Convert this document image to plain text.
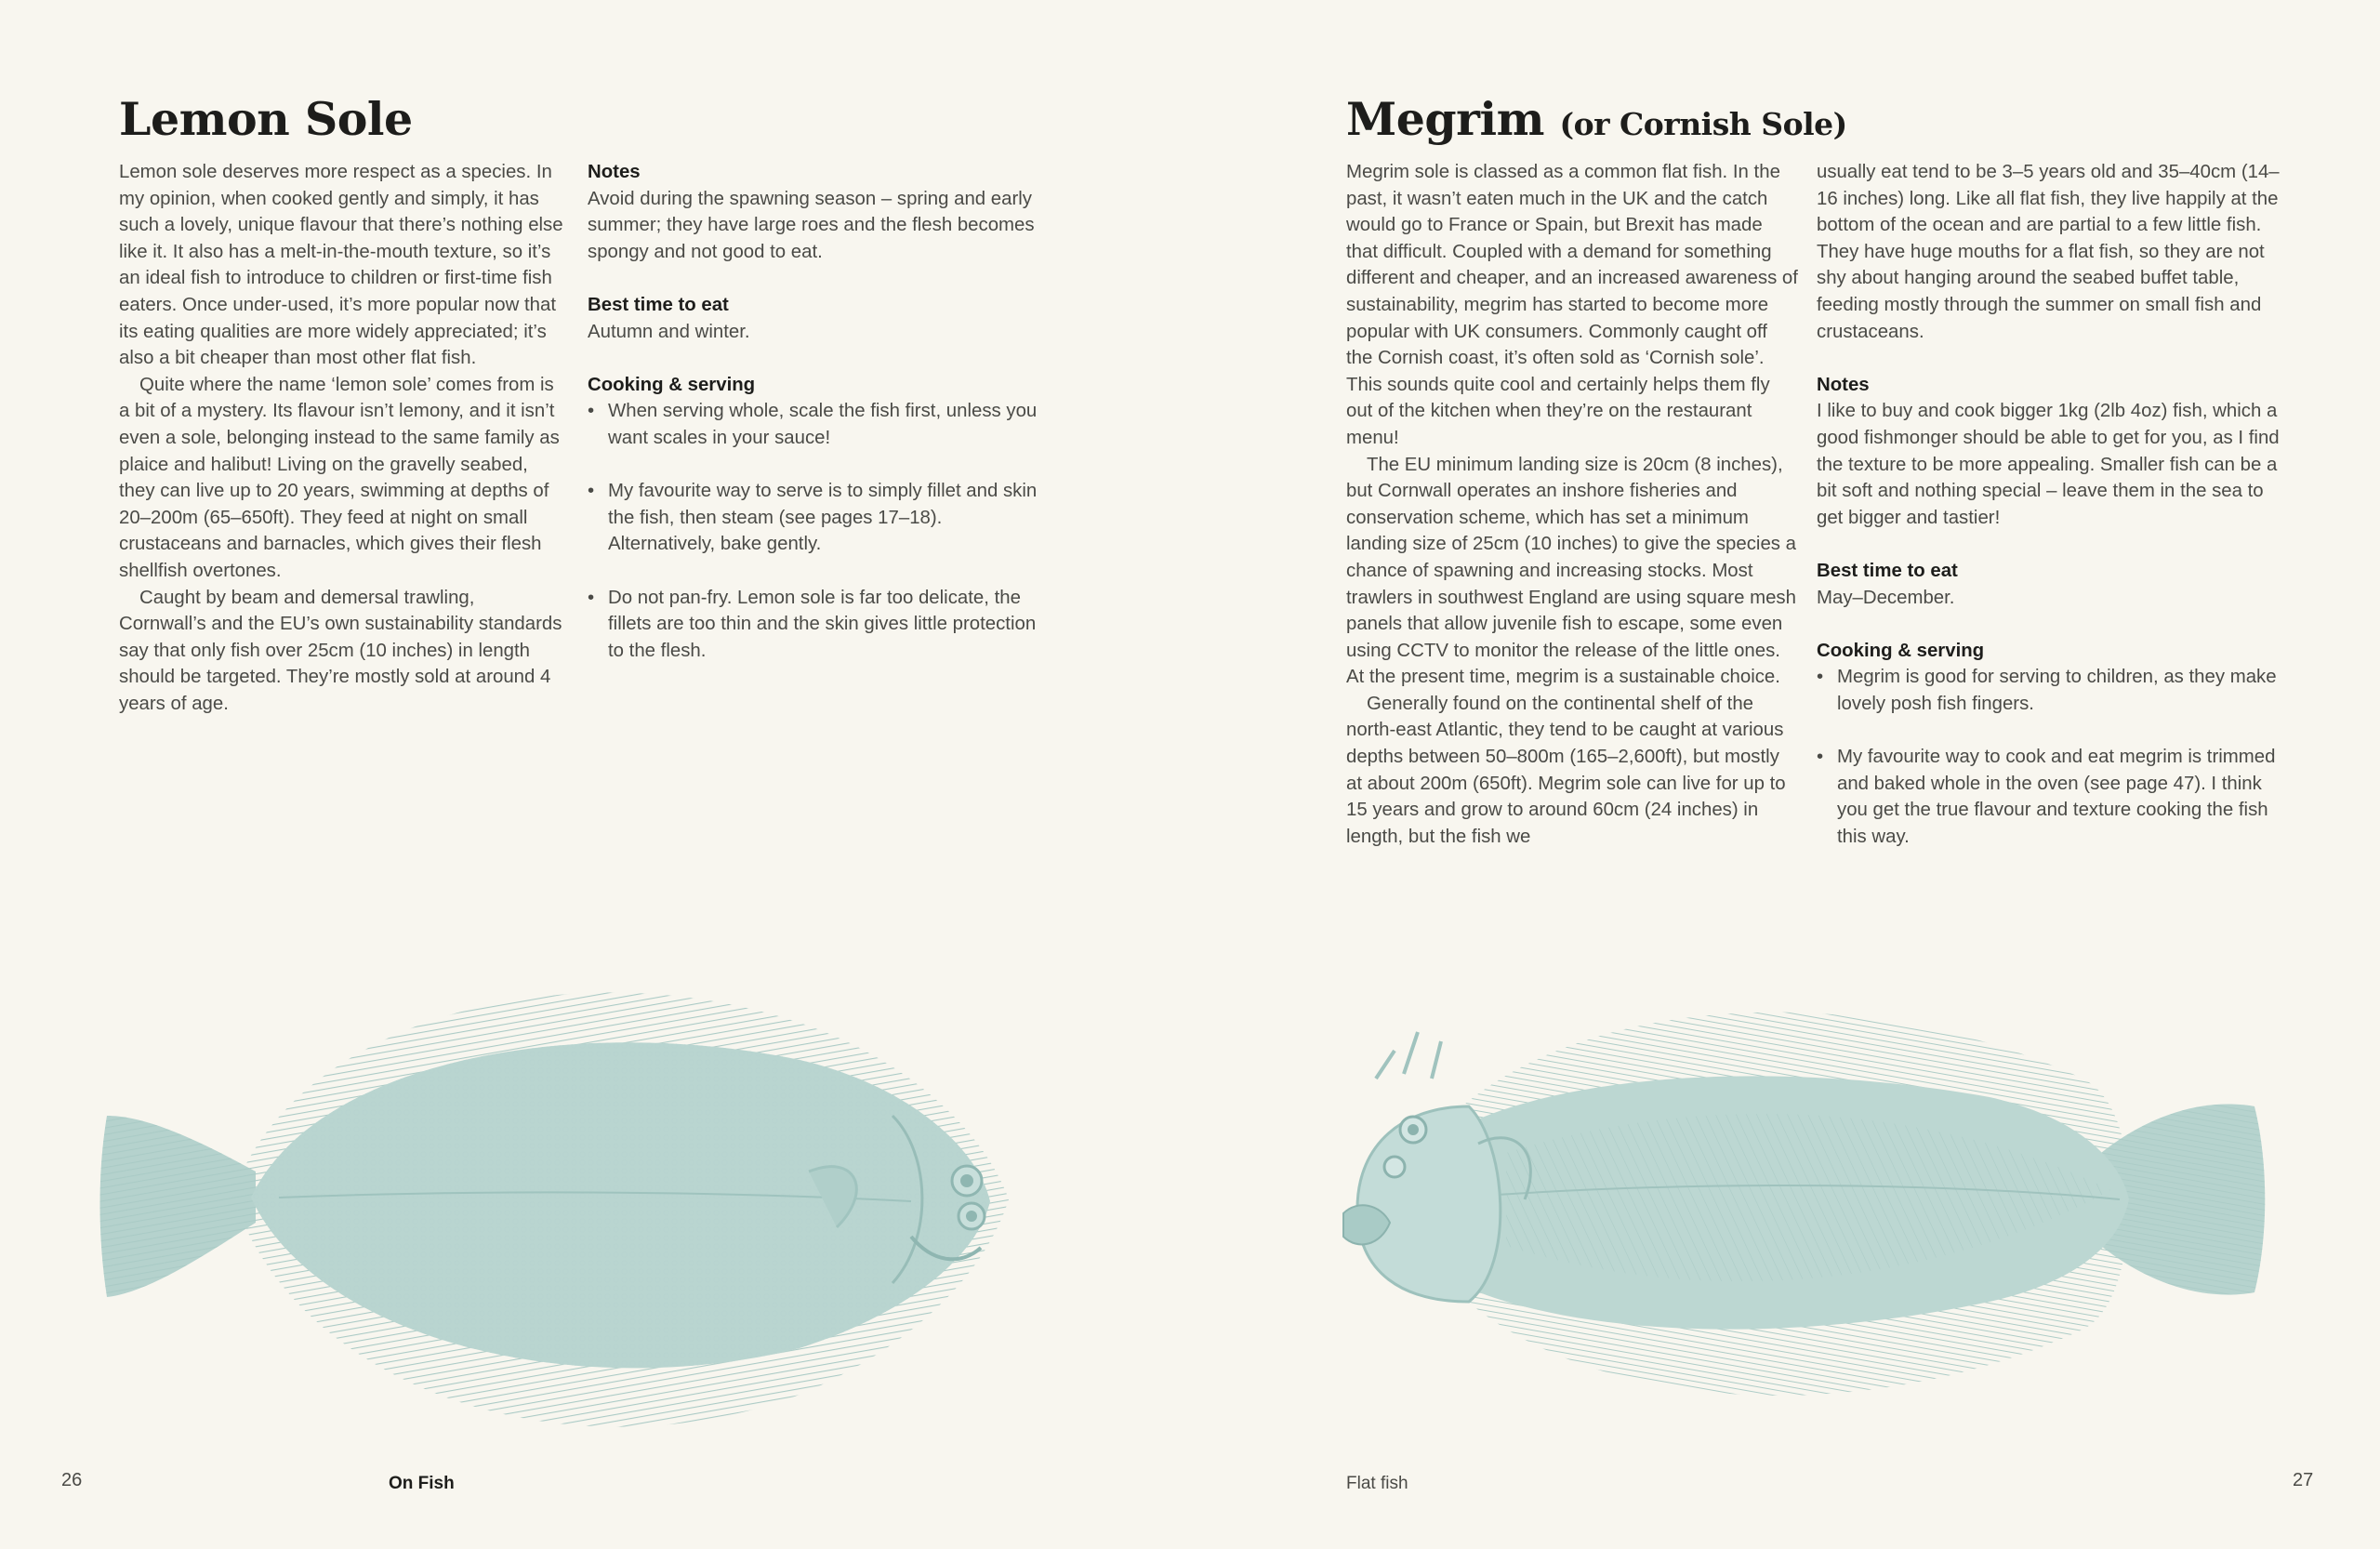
Lemon Sole

Lemon sole deserves more respect as a species. In my opinion, when cooked gently and simply, it has such a lovely, unique flavour that there’s nothing else like it. It also has a melt-in-the-mouth texture, so it’s an ideal fish to introduce to children or first-time fish eaters. Once under-used, it’s more popular now that its eating qualities are more widely appreciated; it’s also a bit cheaper than most other flat fish.

Quite where the name ‘lemon sole’ comes from is a bit of a mystery. Its flavour isn’t lemony, and it isn’t even a sole, belonging instead to the same family as plaice and halibut! Living on the gravelly seabed, they can live up to 20 years, swimming at depths of 20–200m (65–650ft). They feed at night on small crustaceans and barnacles, which gives their flesh shellfish overtones.

Caught by beam and demersal trawling, Cornwall’s and the EU’s own sustainability standards say that only fish over 25cm (10 inches) in length should be targeted. They’re mostly sold at around 4 years of age.

Notes

Avoid during the spawning season – spring and early summer; they have large roes and the flesh becomes spongy and not good to eat.

Best time to eat

Autumn and winter.

Cooking & serving
• When serving whole, scale the fish first, unless you want scales in your sauce!
• My favourite way to serve is to simply fillet and skin the fish, then steam (see pages 17–18). Alternatively, bake gently.
• Do not pan-fry. Lemon sole is far too delicate, the fillets are too thin and the skin gives little protection to the flesh.
26	On Fish
Megrim (or Cornish Sole)

Megrim sole is classed as a common flat fish. In the past, it wasn’t eaten much in the UK and the catch would go to France or Spain, but Brexit has made that difficult. Coupled with a demand for something different and cheaper, and an increased awareness of sustainability, megrim has started to become more popular with UK consumers. Commonly caught off the Cornish coast, it’s often sold as ‘Cornish sole’. This sounds quite cool and certainly helps them fly out of the kitchen when they’re on the restaurant menu!

The EU minimum landing size is 20cm (8 inches), but Cornwall operates an inshore fisheries and conservation scheme, which has set a minimum landing size of 25cm (10 inches) to give the species a chance of spawning and increasing stocks. Most trawlers in southwest England are using square mesh panels that allow juvenile fish to escape, some even using CCTV to monitor the release of the little ones. At the present time, megrim is a sustainable choice.

Generally found on the continental shelf of the north-east Atlantic, they tend to be caught at various depths between 50–800m (165–2,600ft), but mostly at about 200m (650ft). Megrim sole can live for up to 15 years and grow to around 60cm (24 inches) in length, but the fish we

usually eat tend to be 3–5 years old and 35–40cm (14–16 inches) long. Like all flat fish, they live happily at the bottom of the ocean and are partial to a few little fish. They have huge mouths for a flat fish, so they are not shy about hanging around the seabed buffet table, feeding mostly through the summer on small fish and crustaceans.

Notes

I like to buy and cook bigger 1kg (2lb 4oz) fish, which a good fishmonger should be able to get for you, as I find the texture to be more appealing. Smaller fish can be a bit soft and nothing special – leave them in the sea to get bigger and tastier!

Best time to eat

May–December.

Cooking & serving
• Megrim is good for serving to children, as they make lovely posh fish fingers.
• My favourite way to cook and eat megrim is trimmed and baked whole in the oven (see page 47). I think you get the true flavour and texture cooking the fish this way.
Flat fish	27
